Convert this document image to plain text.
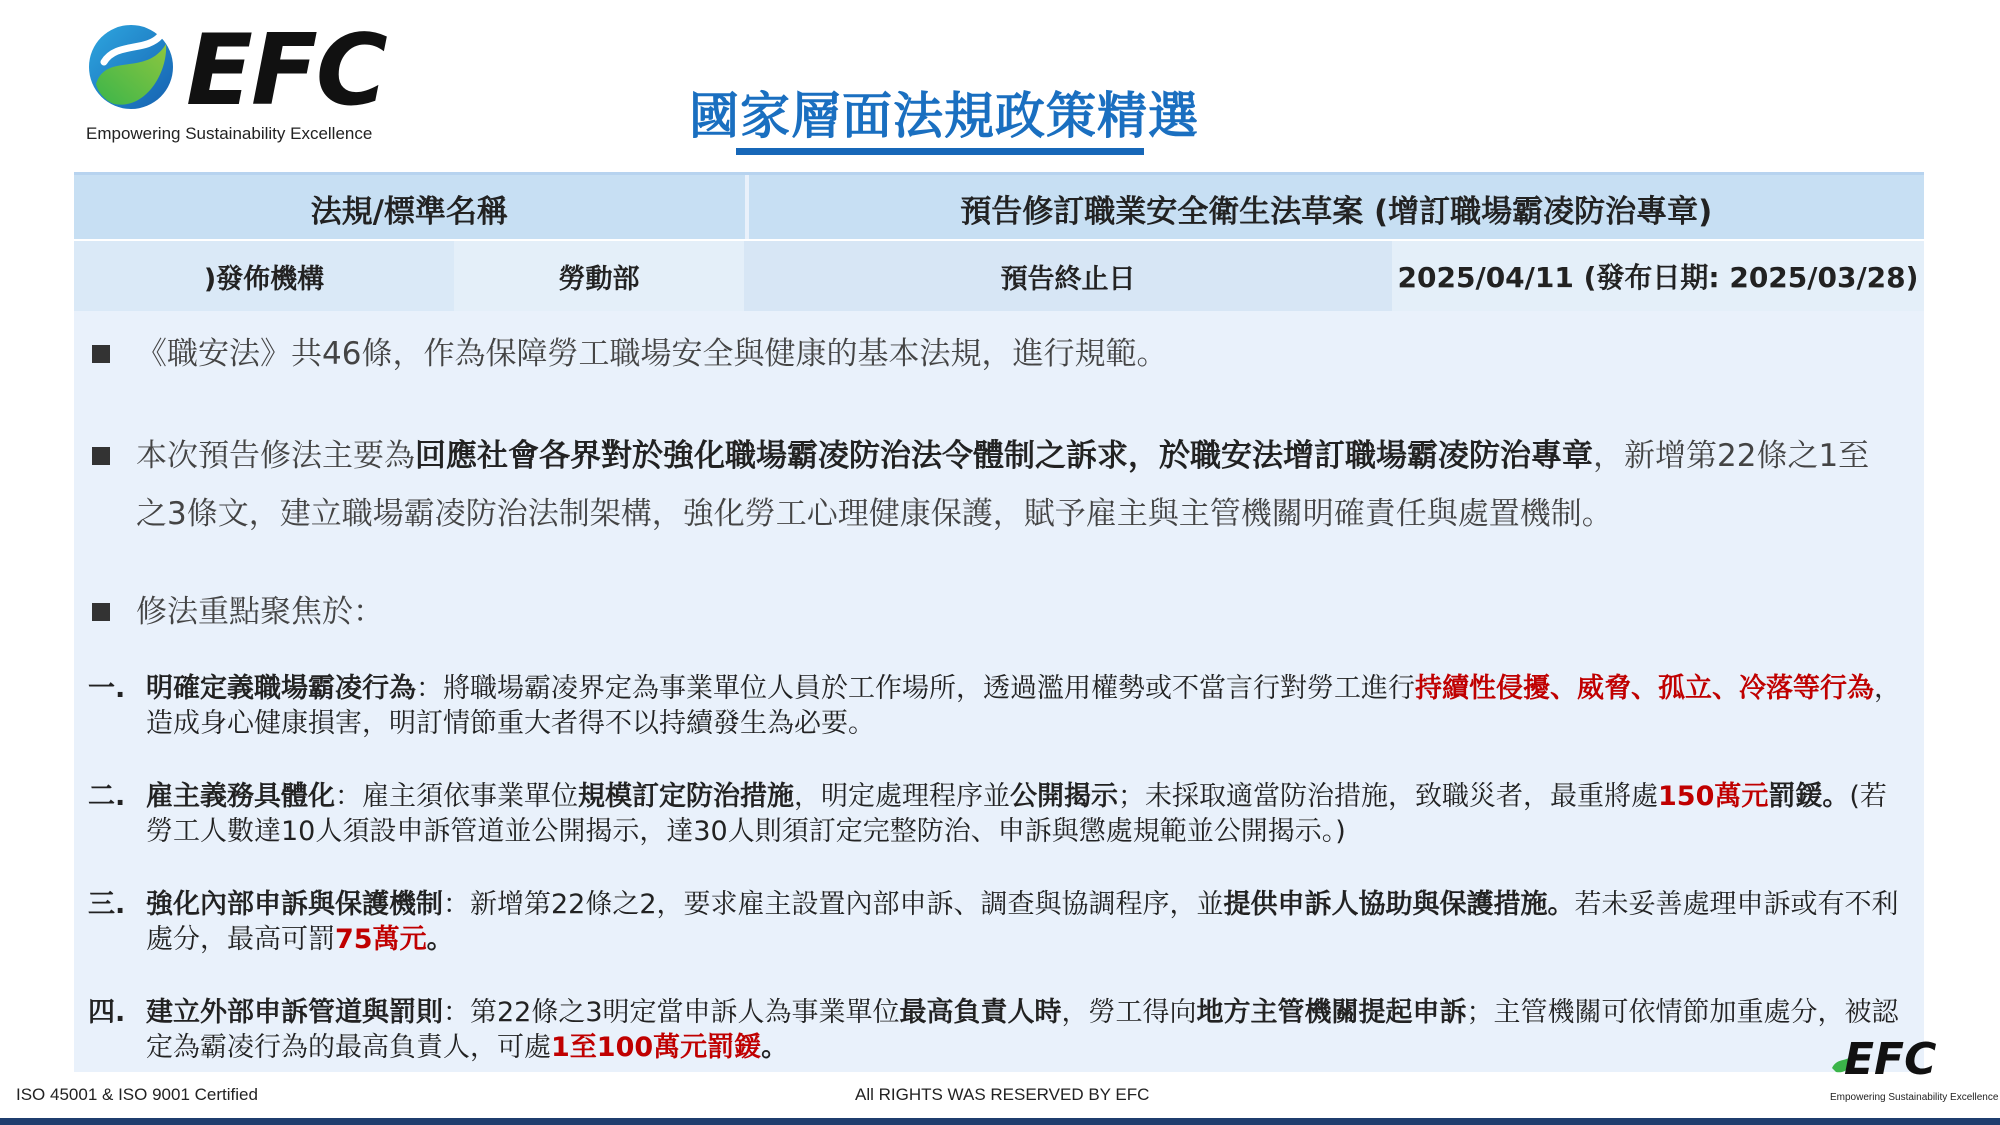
EFC
Empowering Sustainability Excellence	國家層面法規政策精選
法規/標準名稱	預告修訂職業安全衛生法草案 (增訂職場霸凌防治專章)
)發佈機構	勞動部	預告終止日	2025/04/11 (發布日期: 2025/03/28)
《職安法》共46條，作為保障勞工職場安全與健康的基本法規，進行規範。
本次預告修法主要為回應社會各界對於強化職場霸凌防治法令體制之訴求，於職安法增訂職場霸凌防治專章，新增第22條之1至之3條文，建立職場霸凌防治法制架構，強化勞工心理健康保護，賦予雇主與主管機關明確責任與處置機制。
修法重點聚焦於：
一. 明確定義職場霸凌行為：將職場霸凌界定為事業單位人員於工作場所，透過濫用權勢或不當言行對勞工進行持續性侵擾、威脅、孤立、冷落等行為，造成身心健康損害，明訂情節重大者得不以持續發生為必要。
二. 雇主義務具體化：雇主須依事業單位規模訂定防治措施，明定處理程序並公開揭示；未採取適當防治措施，致職災者，最重將處150萬元罰鍰。(若勞工人數達10人須設申訴管道並公開揭示，達30人則須訂定完整防治、申訴與懲處規範並公開揭示。)
三. 強化內部申訴與保護機制：新增第22條之2，要求雇主設置內部申訴、調查與協調程序，並提供申訴人協助與保護措施。若未妥善處理申訴或有不利處分，最高可罰75萬元。
四. 建立外部申訴管道與罰則：第22條之3明定當申訴人為事業單位最高負責人時，勞工得向地方主管機關提起申訴；主管機關可依情節加重處分，被認定為霸凌行為的最高負責人，可處1至100萬元罰鍰。
ISO 45001 & ISO 9001 Certified	All RIGHTS WAS RESERVED BY EFC
EFC
Empowering Sustainability Excellence
